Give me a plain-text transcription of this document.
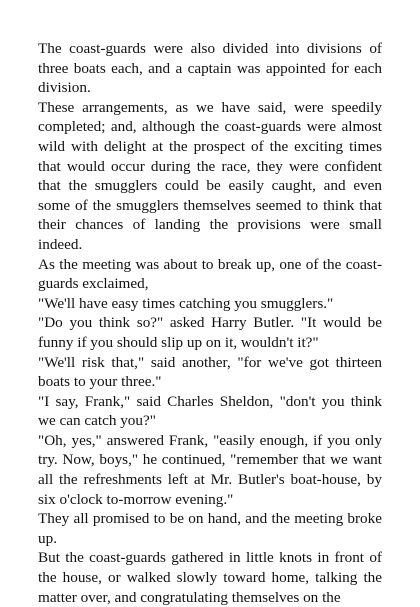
The coast-guards were also divided into divisions of three boats each, and a captain was appointed for each division.

These arrangements, as we have said, were speedily completed; and, although the coast-guards were almost wild with delight at the prospect of the exciting times that would occur during the race, they were confident that the smugglers could be easily caught, and even some of the smugglers themselves seemed to think that their chances of landing the provisions were small indeed.

As the meeting was about to break up, one of the coast-guards exclaimed,

"We'll have easy times catching you smugglers."

"Do you think so?" asked Harry Butler. "It would be funny if you should slip up on it, wouldn't it?"

"We'll risk that," said another, "for we've got thirteen boats to your three."

"I say, Frank," said Charles Sheldon, "don't you think we can catch you?"

"Oh, yes," answered Frank, "easily enough, if you only try. Now, boys," he continued, "remember that we want all the refreshments left at Mr. Butler's boat-house, by six o'clock to-morrow evening."

They all promised to be on hand, and the meeting broke up.

But the coast-guards gathered in little knots in front of the house, or walked slowly toward home, talking the matter over, and congratulating themselves on the
